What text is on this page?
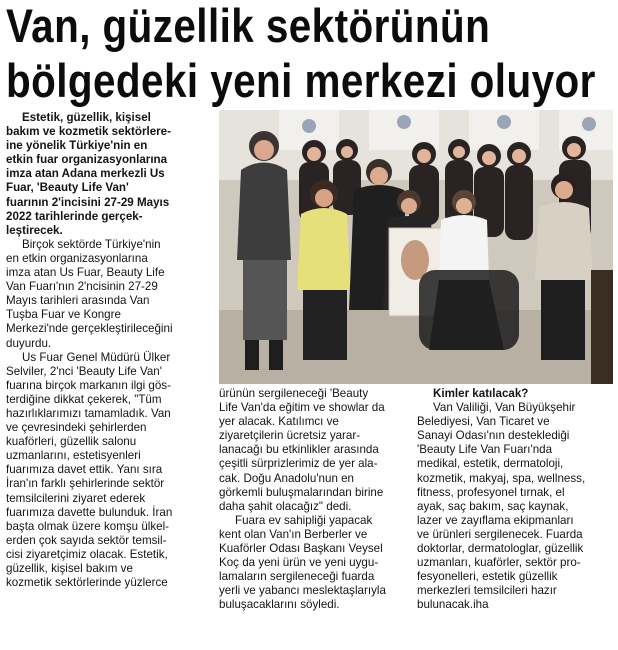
Van, güzellik sektörünün
bölgedeki yeni merkezi oluyor
Estetik, güzellik, kişisel
bakım ve kozmetik sektörlere-
ine yönelik Türkiye'nin en
etkin fuar organizasyonlarına
imza atan Adana merkezli Us
Fuar, 'Beauty Life Van'
fuarının 2'incisini 27-29 Mayıs
2022 tarihlerinde gerçek-
leştirecek.
Birçok sektörde Türkiye'nin
en etkin organizasyonlarına
imza atan Us Fuar, Beauty Life
Van Fuarı'nın 2'ncisinin 27-29
Mayıs tarihleri arasında Van
Tuşba Fuar ve Kongre
Merkezi'nde gerçekleştirileceğini
duyurdu.
Us Fuar Genel Müdürü Ülker
Selviler, 2'nci 'Beauty Life Van'
fuarına birçok markanın ilgi gös-
terdiğine dikkat çekerek, "Tüm
hazırlıklarımızı tamamladık. Van
ve çevresindeki şehirlerden
kuaförleri, güzellik salonu
uzmanlarını, estetisyenleri
fuarımıza davet ettik. Yanı sıra
İran'ın farklı şehirlerinde sektör
temsilcilerini ziyaret ederek
fuarımıza davette bulunduk. İran
başta olmak üzere komşu ülkel-
erden çok sayıda sektör temsil-
cisi ziyaretçimiz olacak. Estetik,
güzellik, kişisel bakım ve
kozmetik sektörlerinde yüzlerce
ürünün sergileneceği 'Beauty
Life Van'da eğitim ve showlar da
yer alacak. Katılımcı ve
ziyaretçilerin ücretsiz yarar-
lanacağı bu etkinlikler arasında
çeşitli sürprizlerimiz de yer ala-
cak. Doğu Anadolu'nun en
görkemli buluşmalarından birine
daha şahit olacağız" dedi.
Fuara ev sahipliği yapacak
kent olan Van'ın Berberler ve
Kuaförler Odası Başkanı Veysel
Koç da yeni ürün ve yeni uygu-
lamaların sergileneceği fuarda
yerli ve yabancı meslektaşlarıyla
buluşacaklarını söyledi.
Kimler katılacak?
Van Valiliği, Van Büyükşehir
Belediyesi, Van Ticaret ve
Sanayi Odası'nın desteklediği
'Beauty Life Van Fuarı'nda
medikal, estetik, dermatoloji,
kozmetik, makyaj, spa, wellness,
fitness, profesyonel tırnak, el
ayak, saç bakım, saç kaynak,
lazer ve zayıflama ekipmanları
ve ürünleri sergilenecek. Fuarda
doktorlar, dermatologlar, güzellik
uzmanları, kuaförler, sektör pro-
fesyonelleri, estetik güzellik
merkezleri temsilcileri hazır
bulunacak.iha
